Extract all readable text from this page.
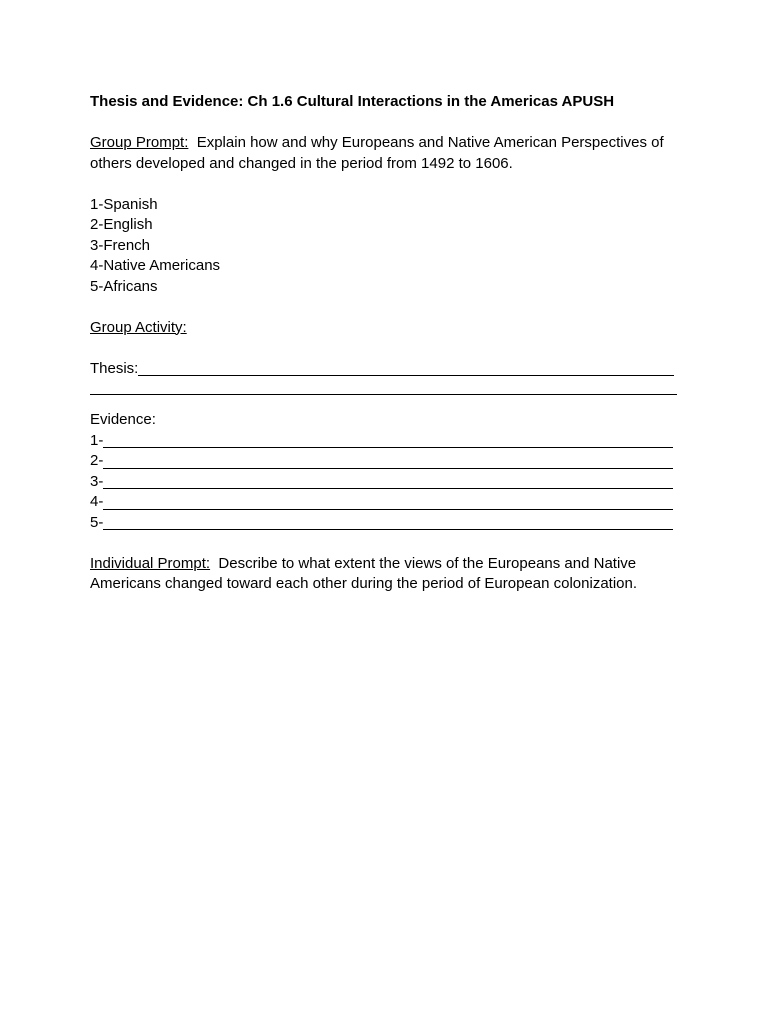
Thesis and Evidence: Ch 1.6 Cultural Interactions in the Americas APUSH

Group Prompt:  Explain how and why Europeans and Native American Perspectives of others developed and changed in the period from 1492 to 1606.

1-Spanish

2-English

3-French

4-Native Americans

5-Africans

Group Activity:

Thesis:

Evidence:

1-
2-
3-
4-
5-

Individual Prompt:  Describe to what extent the views of the Europeans and Native Americans changed toward each other during the period of European colonization.
